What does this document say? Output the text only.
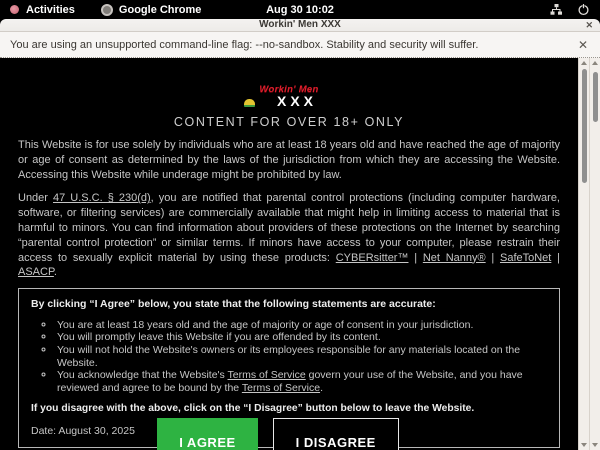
Activities	Google Chrome	Aug 30 10:02
Workin' Men XXX	✕
You are using an unsupported command-line flag: --no-sandbox. Stability and security will suffer.	✕
Workin' Men
XXX
CONTENT FOR OVER 18+ ONLY

This Website is for use solely by individuals who are at least 18 years old and have reached the age of majority or age of consent as determined by the laws of the jurisdiction from which they are accessing the Website. Accessing this Website while underage might be prohibited by law.

Under 47 U.S.C. § 230(d), you are notified that parental control protections (including computer hardware, software, or filtering services) are commercially available that might help in limiting access to material that is harmful to minors. You can find information about providers of these protections on the Internet by searching “parental control protection” or similar terms. If minors have access to your computer, please restrain their access to sexually explicit material by using these products: CYBERsitter™ | Net Nanny® | SafeToNet | ASACP.

By clicking “I Agree” below, you state that the following statements are accurate:
◦ You are at least 18 years old and the age of majority or age of consent in your jurisdiction.
◦ You will promptly leave this Website if you are offended by its content.
◦ You will not hold the Website's owners or its employees responsible for any materials located on the Website.
◦ You acknowledge that the Website's Terms of Service govern your use of the Website, and you have reviewed and agree to be bound by the Terms of Service.
If you disagree with the above, click on the “I Disagree” button below to leave the Website.
Date: August 30, 2025
I AGREE	I DISAGREE
